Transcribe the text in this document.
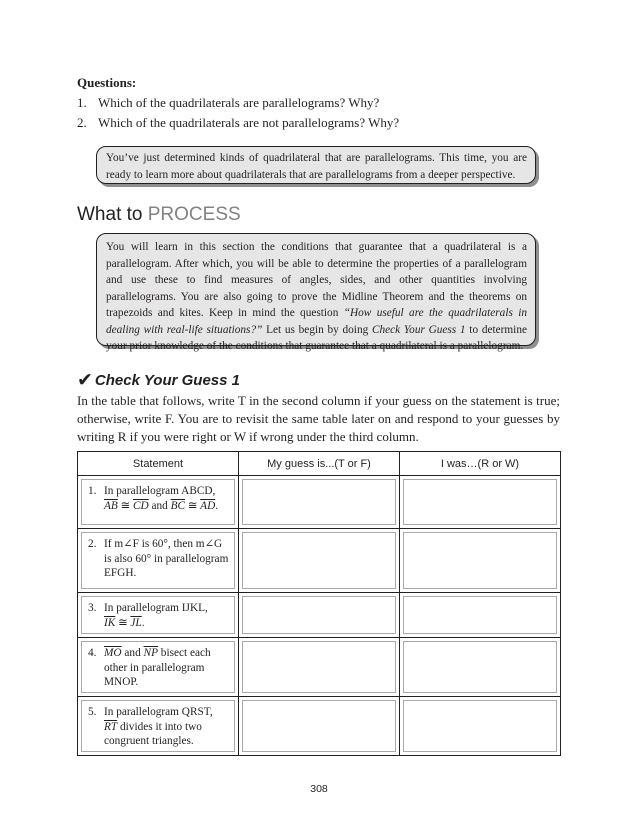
Questions:
1. Which of the quadrilaterals are parallelograms? Why?
2. Which of the quadrilaterals are not parallelograms? Why?
You’ve just determined kinds of quadrilateral that are parallelograms. This time, you are ready to learn more about quadrilaterals that are parallelograms from a deeper perspective.
What to PROCESS
You will learn in this section the conditions that guarantee that a quadrilateral is a parallelogram. After which, you will be able to determine the properties of a parallelogram and use these to find measures of angles, sides, and other quantities involving parallelograms. You are also going to prove the Midline Theorem and the theorems on trapezoids and kites. Keep in mind the question “How useful are the quadrilaterals in dealing with real-life situations?” Let us begin by doing Check Your Guess 1 to determine your prior knowledge of the conditions that guarantee that a quadrilateral is a parallelogram.
✔ Check Your Guess 1
In the table that follows, write T in the second column if your guess on the statement is true; otherwise, write F. You are to revisit the same table later on and respond to your guesses by writing R if you were right or W if wrong under the third column.
Statement	My guess is...(T or F)	I was…(R or W)

1. In parallelogram ABCD,
$\overline{AB}$ ≅ $\overline{CD}$ and $\overline{BC}$ ≅ $\overline{AD}$.		

2. If m∠F is 60°, then m∠G is also 60° in parallelogram EFGH.		

3. In parallelogram IJKL,
$\overline{IK}$ ≅ $\overline{JL}$.		

4. $\overline{MO}$ and $\overline{NP}$ bisect each other in parallelogram MNOP.		

5. In parallelogram QRST,
$\overline{RT}$ divides it into two congruent triangles.		

308
